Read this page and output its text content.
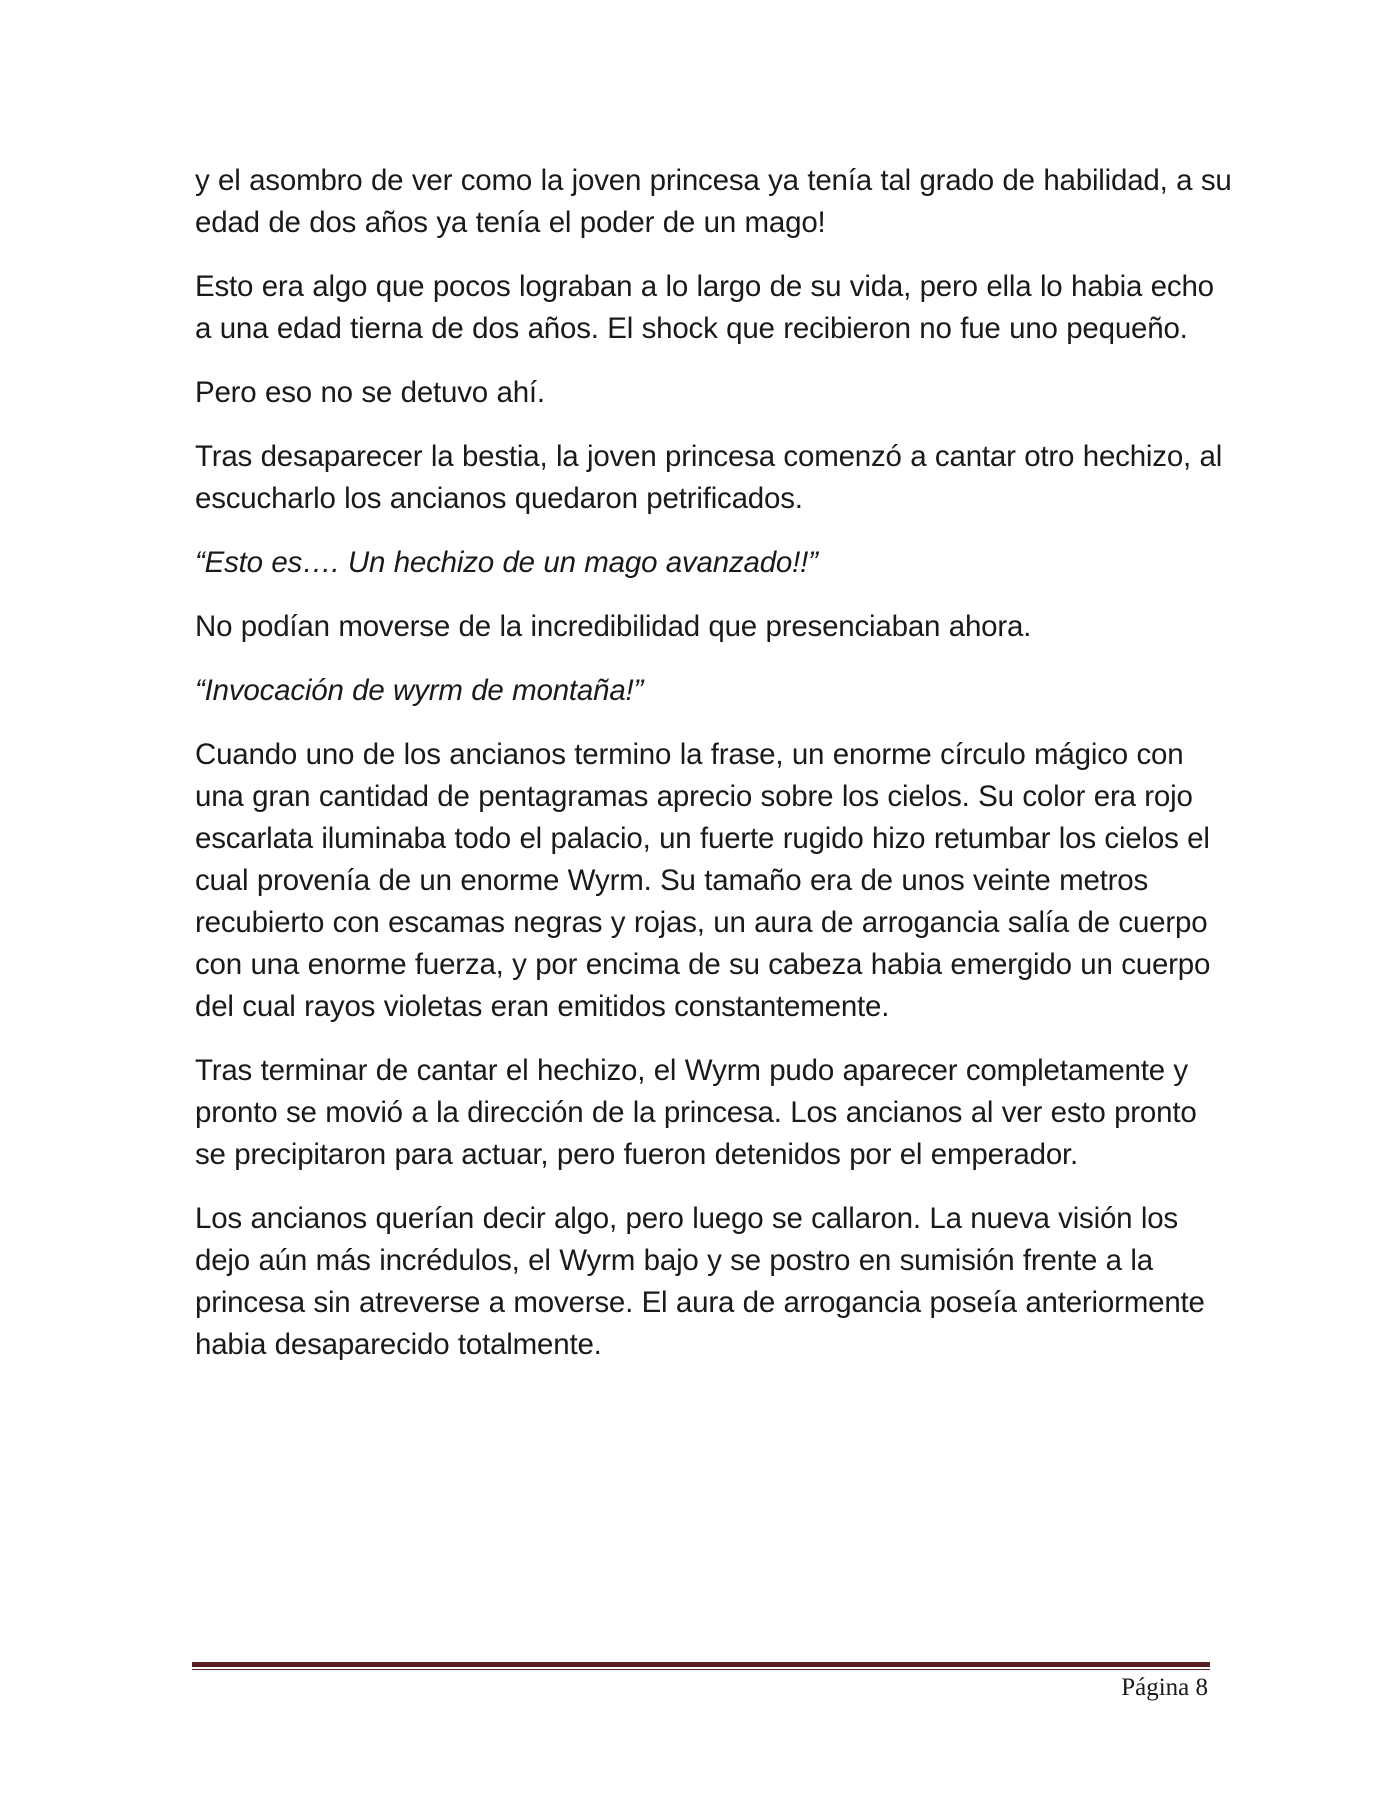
y el asombro de ver como la joven princesa ya tenía tal grado de habilidad, a su edad de dos años ya tenía el poder de un mago!

Esto era algo que pocos lograban a lo largo de su vida, pero ella lo habia echo a una edad tierna de dos años. El shock que recibieron no fue uno pequeño.

Pero eso no se detuvo ahí.

Tras desaparecer la bestia, la joven princesa comenzó a cantar otro hechizo, al escucharlo los ancianos quedaron petrificados.

“Esto es…. Un hechizo de un mago avanzado!!”

No podían moverse de la incredibilidad que presenciaban ahora.

“Invocación de wyrm de montaña!”

Cuando uno de los ancianos termino la frase, un enorme círculo mágico con una gran cantidad de pentagramas aprecio sobre los cielos. Su color era rojo escarlata iluminaba todo el palacio, un fuerte rugido hizo retumbar los cielos el cual provenía de un enorme Wyrm. Su tamaño era de unos veinte metros recubierto con escamas negras y rojas, un aura de arrogancia salía de cuerpo con una enorme fuerza, y por encima de su cabeza habia emergido un cuerpo del cual rayos violetas eran emitidos constantemente.

Tras terminar de cantar el hechizo, el Wyrm pudo aparecer completamente y pronto se movió a la dirección de la princesa. Los ancianos al ver esto pronto se precipitaron para actuar, pero fueron detenidos por el emperador.

Los ancianos querían decir algo, pero luego se callaron. La nueva visión los dejo aún más incrédulos, el Wyrm bajo y se postro en sumisión frente a la princesa sin atreverse a moverse. El aura de arrogancia poseía anteriormente habia desaparecido totalmente.

Página 8
